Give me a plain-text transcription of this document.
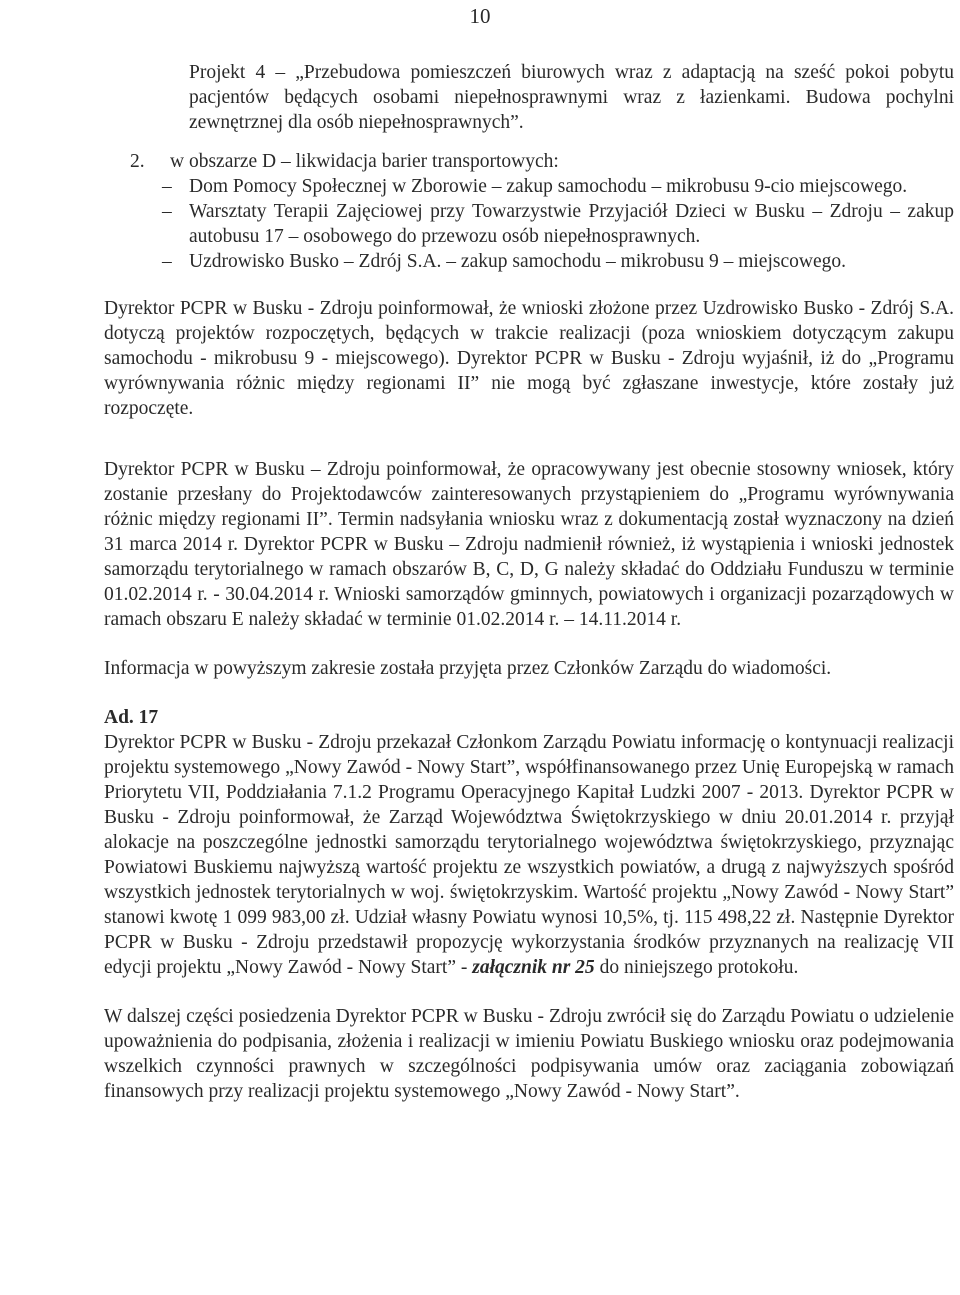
10

Projekt 4 – „Przebudowa pomieszczeń biurowych wraz z adaptacją na sześć pokoi pobytu pacjentów będących osobami niepełnosprawnymi wraz z łazienkami. Budowa pochylni zewnętrznej dla osób niepełnosprawnych”.

2. w obszarze D – likwidacja barier transportowych:

– Dom Pomocy Społecznej w Zborowie – zakup samochodu – mikrobusu 9-cio miejscowego.
– Warsztaty Terapii Zajęciowej przy Towarzystwie Przyjaciół Dzieci w Busku – Zdroju – zakup autobusu 17 – osobowego do przewozu osób niepełnosprawnych.
– Uzdrowisko Busko – Zdrój S.A. – zakup samochodu – mikrobusu 9 – miejscowego.

Dyrektor PCPR w Busku - Zdroju poinformował, że wnioski złożone przez Uzdrowisko Busko - Zdrój S.A. dotyczą projektów rozpoczętych, będących w trakcie realizacji (poza wnioskiem dotyczącym zakupu samochodu - mikrobusu 9 - miejscowego). Dyrektor PCPR w Busku - Zdroju wyjaśnił, iż do „Programu wyrównywania różnic między regionami II” nie mogą być zgłaszane inwestycje, które zostały już rozpoczęte.

Dyrektor PCPR w Busku – Zdroju poinformował, że opracowywany jest obecnie stosowny wniosek, który zostanie przesłany do Projektodawców zainteresowanych przystąpieniem do „Programu wyrównywania różnic między regionami II”. Termin nadsyłania wniosku wraz z dokumentacją został wyznaczony na dzień 31 marca 2014 r. Dyrektor PCPR w Busku – Zdroju nadmienił również, iż wystąpienia i wnioski jednostek samorządu terytorialnego w ramach obszarów B, C, D, G należy składać do Oddziału Funduszu w terminie 01.02.2014 r. - 30.04.2014 r. Wnioski samorządów gminnych, powiatowych i organizacji pozarządowych w ramach obszaru E należy składać w terminie 01.02.2014 r. – 14.11.2014 r.

Informacja w powyższym zakresie została przyjęta przez Członków Zarządu do wiadomości.

Ad. 17

Dyrektor PCPR w Busku - Zdroju przekazał Członkom Zarządu Powiatu informację o kontynuacji realizacji projektu systemowego „Nowy Zawód - Nowy Start”, współfinansowanego przez Unię Europejską w ramach Priorytetu VII, Poddziałania 7.1.2 Programu Operacyjnego Kapitał Ludzki 2007 - 2013. Dyrektor PCPR w Busku - Zdroju poinformował, że Zarząd Województwa Świętokrzyskiego w dniu 20.01.2014 r. przyjął alokacje na poszczególne jednostki samorządu terytorialnego województwa świętokrzyskiego, przyznając Powiatowi Buskiemu najwyższą wartość projektu ze wszystkich powiatów, a drugą z najwyższych spośród wszystkich jednostek terytorialnych w woj. świętokrzyskim. Wartość projektu „Nowy Zawód - Nowy Start” stanowi kwotę 1 099 983,00 zł. Udział własny Powiatu wynosi 10,5%, tj. 115 498,22 zł. Następnie Dyrektor PCPR w Busku - Zdroju przedstawił propozycję wykorzystania środków przyznanych na realizację VII edycji projektu „Nowy Zawód - Nowy Start” - załącznik nr 25 do niniejszego protokołu.

W dalszej części posiedzenia Dyrektor PCPR w Busku - Zdroju zwrócił się do Zarządu Powiatu o udzielenie upoważnienia do podpisania, złożenia i realizacji w imieniu Powiatu Buskiego wniosku oraz podejmowania wszelkich czynności prawnych w szczególności podpisywania umów oraz zaciągania zobowiązań finansowych przy realizacji projektu systemowego „Nowy Zawód - Nowy Start”.
